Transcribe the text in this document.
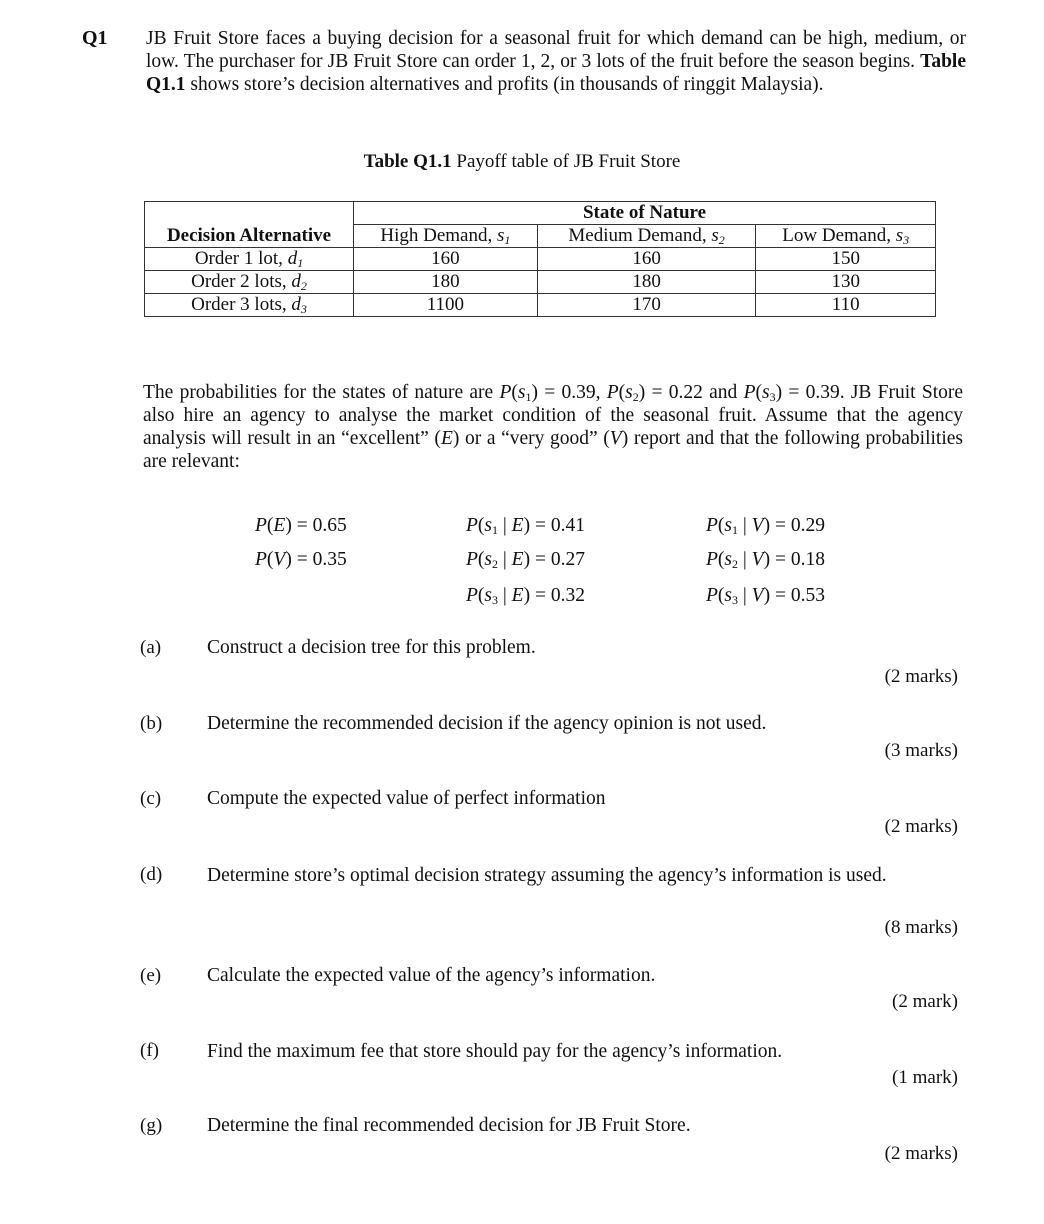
Q1 JB Fruit Store faces a buying decision for a seasonal fruit for which demand can be high, medium, or low. The purchaser for JB Fruit Store can order 1, 2, or 3 lots of the fruit before the season begins. Table Q1.1 shows store’s decision alternatives and profits (in thousands of ringgit Malaysia).
Table Q1.1 Payoff table of JB Fruit Store
	State of Nature		
Decision Alternative	High Demand, $s_1$	Medium Demand, $s_2$	Low Demand, $s_3$
Order 1 lot, $d_1$	160	160	150
Order 2 lots, $d_2$	180	180	130
Order 3 lots, $d_3$	1100	170	110
The probabilities for the states of nature are $P(s_1) = 0.39$, $P(s_2) = 0.22$ and $P(s_3) = 0.39$. JB Fruit Store also hire an agency to analyse the market condition of the seasonal fruit. Assume that the agency analysis will result in an “excellent” (E) or a “very good” (V) report and that the following probabilities are relevant:
P(E) = 0.65
P(V) = 0.35
$P(s_1$ | E) = 0.41
$P(s_2$ | E) = 0.27
$P(s_3$ | E) = 0.32
$P(s_1$ | V) = 0.29
$P(s_2$ | V) = 0.18
$P(s_3$ | V) = 0.53
(a) Construct a decision tree for this problem.
(2 marks)
(b) Determine the recommended decision if the agency opinion is not used.
(3 marks)
(c) Compute the expected value of perfect information
(2 marks)
(d) Determine store’s optimal decision strategy assuming the agency’s information is used.
(8 marks)
(e) Calculate the expected value of the agency’s information.
(2 mark)
(f) Find the maximum fee that store should pay for the agency’s information.
(1 mark)
(g) Determine the final recommended decision for JB Fruit Store.
(2 marks)
